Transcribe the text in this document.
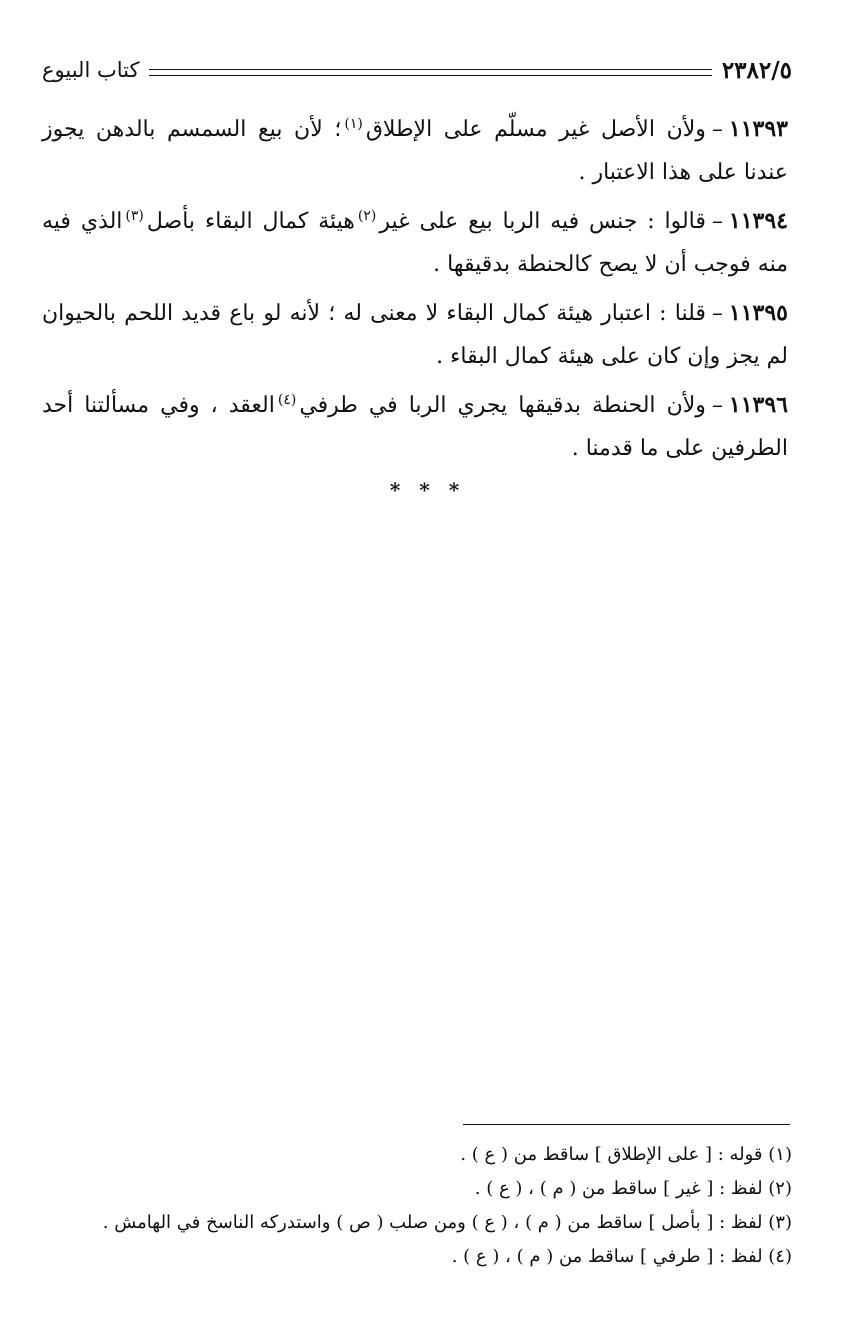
٢٣٨٢/٥
كتاب البيوع

١١٣٩٣–ولأن الأصل غير مسلّم على الإطلاق$^{(١)}$؛ لأن بيع السمسم بالدهن يجوز عندنا على هذا الاعتبار .

١١٣٩٤–قالوا : جنس فيه الربا بيع على غير$^{(٢)}$هيئة كمال البقاء بأصل$^{(٣)}$الذي فيه منه فوجب أن لا يصح كالحنطة بدقيقها .

١١٣٩٥–قلنا : اعتبار هيئة كمال البقاء لا معنى له ؛ لأنه لو باع قديد اللحم بالحيوان لم يجز وإن كان على هيئة كمال البقاء .

١١٣٩٦–ولأن الحنطة بدقيقها يجري الربا في طرفي$^{(٤)}$العقد ، وفي مسألتنا أحد الطرفين على ما قدمنا .

* * *
(١) قوله : [ على الإطلاق ] ساقط من ( ع ) .
(٢) لفظ : [ غير ] ساقط من ( م ) ، ( ع ) .
(٣) لفظ : [ بأصل ] ساقط من ( م ) ، ( ع ) ومن صلب ( ص ) واستدركه الناسخ في الهامش .
(٤) لفظ : [ طرفي ] ساقط من ( م ) ، ( ع ) .
